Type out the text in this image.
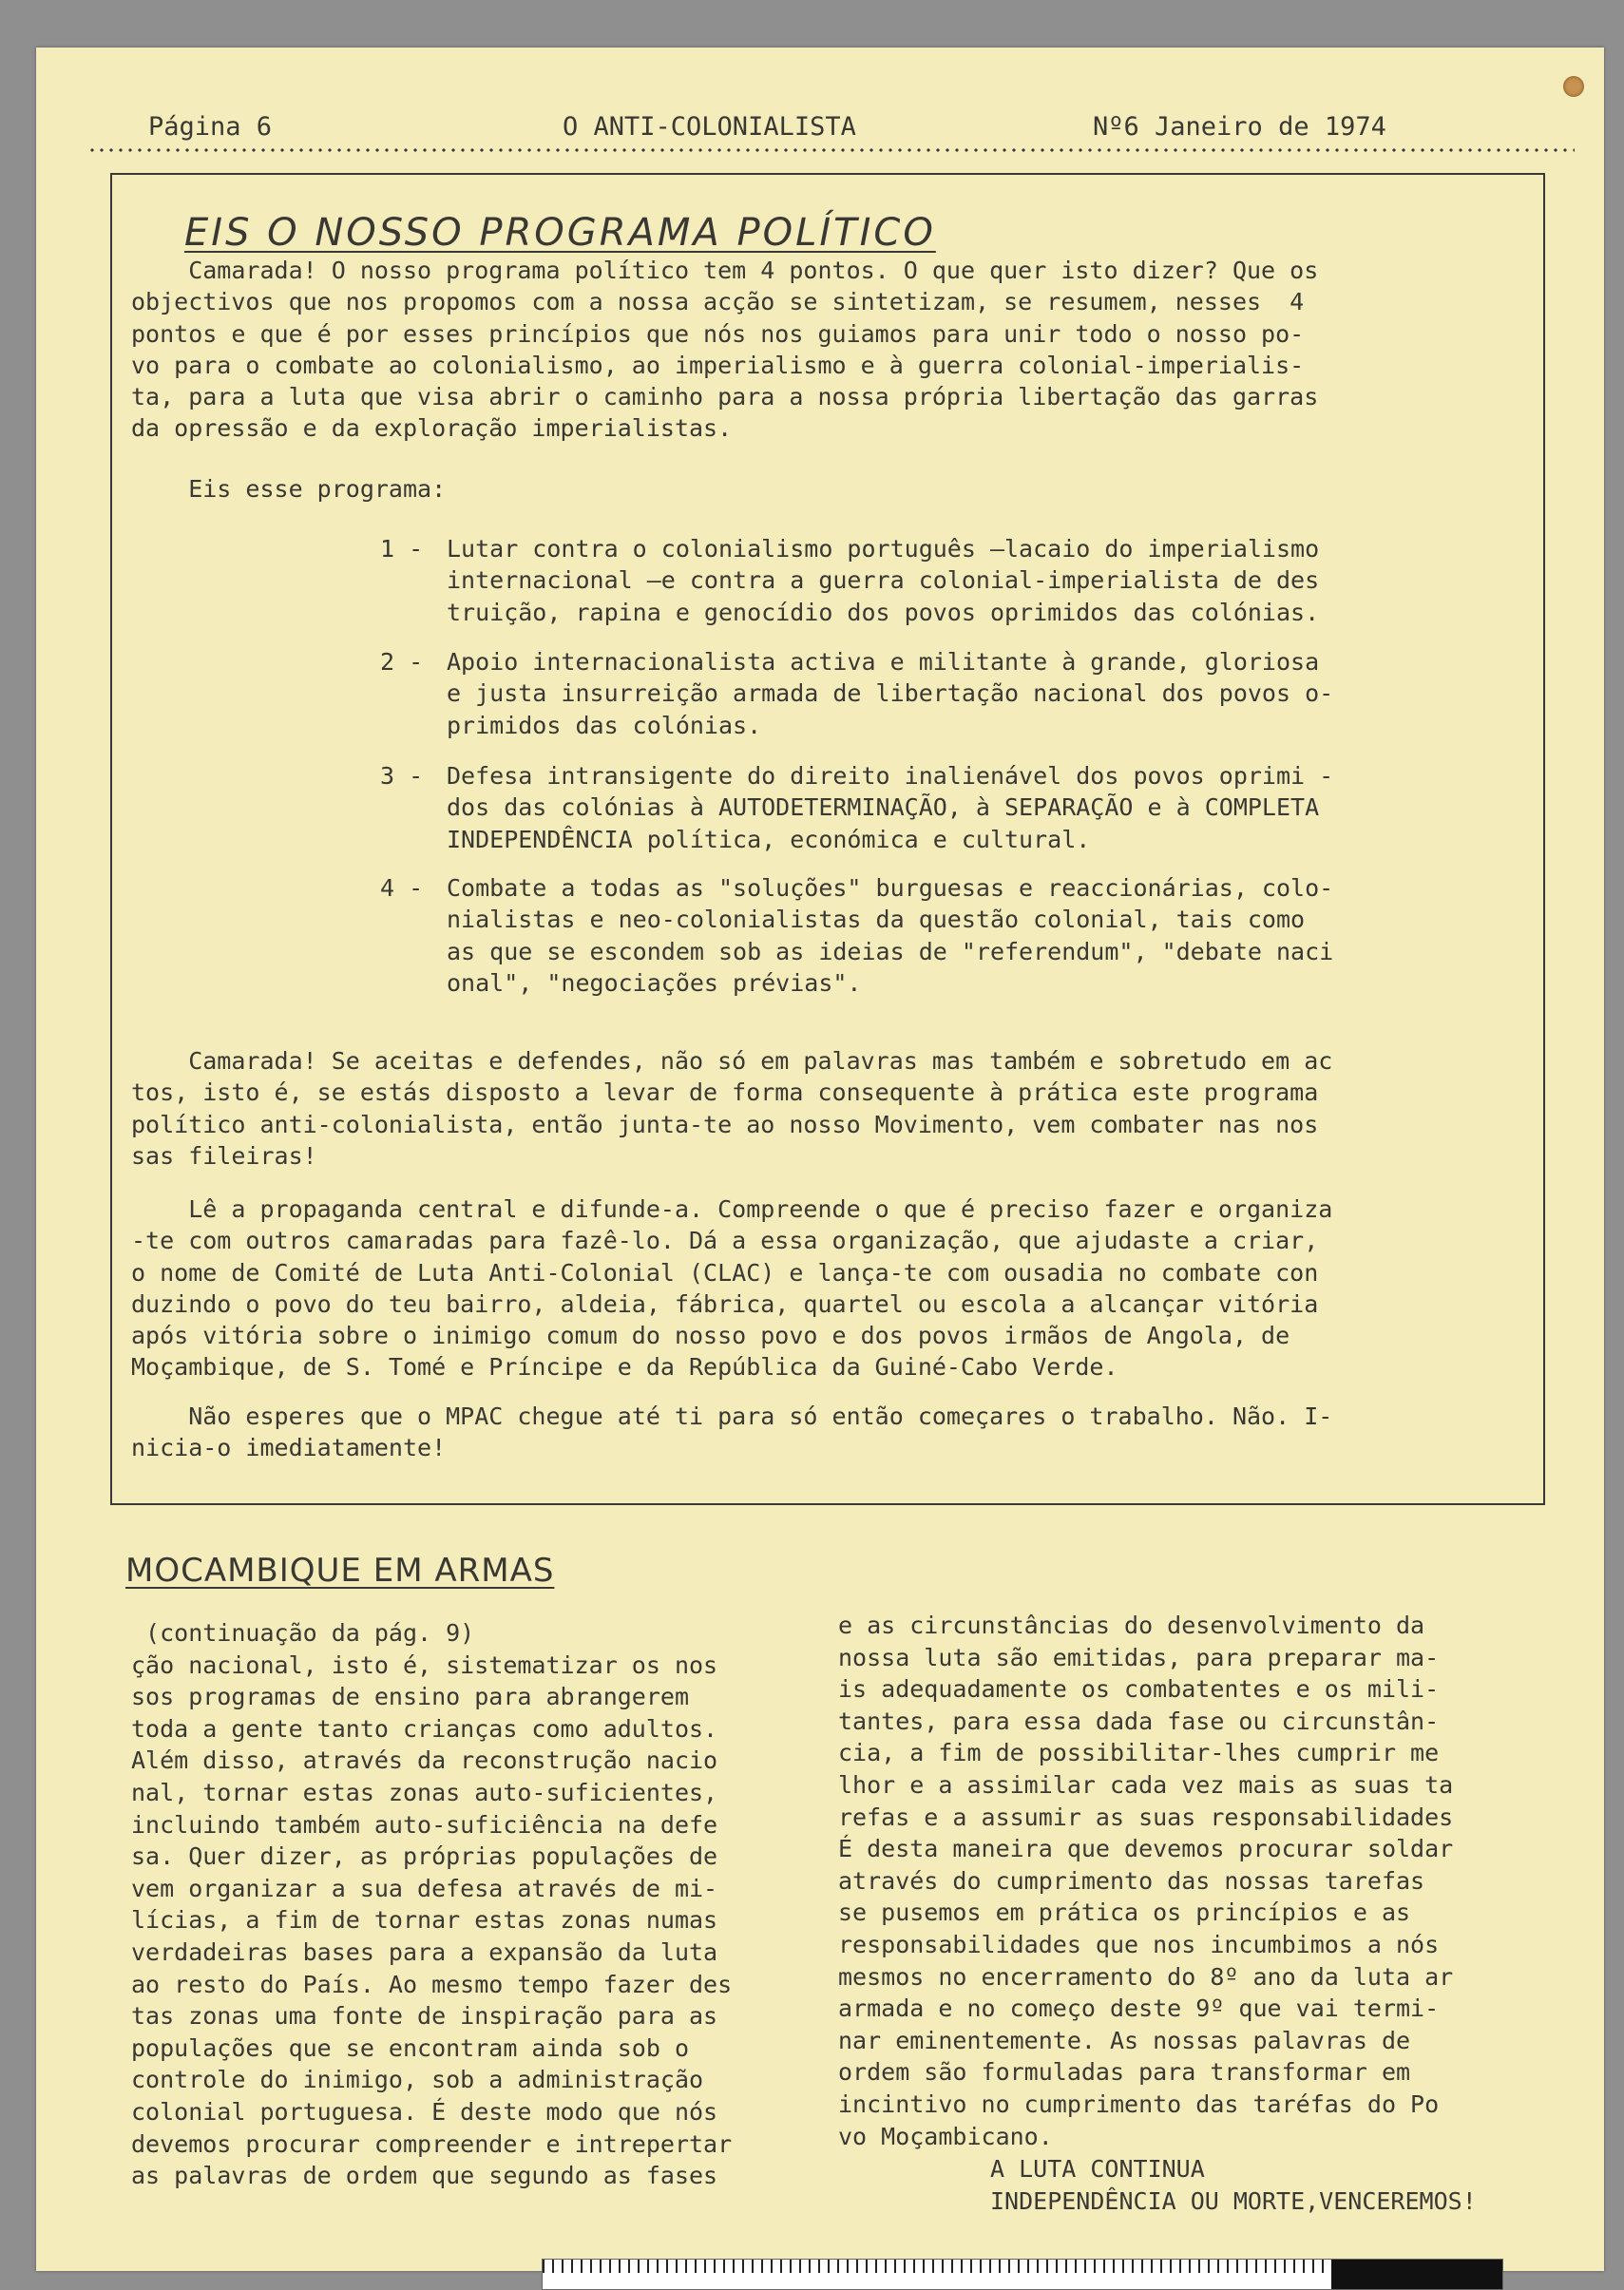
Página 6	O ANTI-COLONIALISTA	Nº6 Janeiro de 1974
EIS O NOSSO PROGRAMA POLÍTICO

Camarada! O nosso programa político tem 4 pontos. O que quer isto dizer? Que os
objectivos que nos propomos com a nossa acção se sintetizam, se resumem, nesses  4
pontos e que é por esses princípios que nós nos guiamos para unir todo o nosso po-
vo para o combate ao colonialismo, ao imperialismo e à guerra colonial-imperialis-
ta, para a luta que visa abrir o caminho para a nossa própria libertação das garras
da opressão e da exploração imperialistas.

Eis esse programa:

1 - Lutar contra o colonialismo português —lacaio do imperialismo
internacional —e contra a guerra colonial-imperialista de des
truição, rapina e genocídio dos povos oprimidos das colónias.

2 - Apoio internacionalista activa e militante à grande, gloriosa
e justa insurreição armada de libertação nacional dos povos o-
primidos das colónias.

3 - Defesa intransigente do direito inalienável dos povos oprimi -
dos das colónias à AUTODETERMINAÇÃO, à SEPARAÇÃO e à COMPLETA
INDEPENDÊNCIA política, económica e cultural.

4 - Combate a todas as "soluções" burguesas e reaccionárias, colo-
nialistas e neo-colonialistas da questão colonial, tais como
as que se escondem sob as ideias de "referendum", "debate naci
onal", "negociações prévias".

Camarada! Se aceitas e defendes, não só em palavras mas também e sobretudo em ac
tos, isto é, se estás disposto a levar de forma consequente à prática este programa
político anti-colonialista, então junta-te ao nosso Movimento, vem combater nas nos
sas fileiras!

Lê a propaganda central e difunde-a. Compreende o que é preciso fazer e organiza
-te com outros camaradas para fazê-lo. Dá a essa organização, que ajudaste a criar,
o nome de Comité de Luta Anti-Colonial (CLAC) e lança-te com ousadia no combate con
duzindo o povo do teu bairro, aldeia, fábrica, quartel ou escola a alcançar vitória
após vitória sobre o inimigo comum do nosso povo e dos povos irmãos de Angola, de
Moçambique, de S. Tomé e Príncipe e da República da Guiné-Cabo Verde.

Não esperes que o MPAC chegue até ti para só então começares o trabalho. Não. I-
nicia-o imediatamente!

MOCAMBIQUE EM ARMAS

(continuação da pág. 9)
ção nacional, isto é, sistematizar os nos
sos programas de ensino para abrangerem
toda a gente tanto crianças como adultos.
Além disso, através da reconstrução nacio
nal, tornar estas zonas auto-suficientes,
incluindo também auto-suficiência na defe
sa. Quer dizer, as próprias populações de
vem organizar a sua defesa através de mi-
lícias, a fim de tornar estas zonas numas
verdadeiras bases para a expansão da luta
ao resto do País. Ao mesmo tempo fazer des
tas zonas uma fonte de inspiração para as
populações que se encontram ainda sob o
controle do inimigo, sob a administração
colonial portuguesa. É deste modo que nós
devemos procurar compreender e intrepertar
as palavras de ordem que segundo as fases

e as circunstâncias do desenvolvimento da
nossa luta são emitidas, para preparar ma-
is adequadamente os combatentes e os mili-
tantes, para essa dada fase ou circunstân-
cia, a fim de possibilitar-lhes cumprir me
lhor e a assimilar cada vez mais as suas ta
refas e a assumir as suas responsabilidades
É desta maneira que devemos procurar soldar
através do cumprimento das nossas tarefas
se pusemos em prática os princípios e as
responsabilidades que nos incumbimos a nós
mesmos no encerramento do 8º ano da luta ar
armada e no começo deste 9º que vai termi-
nar eminentemente. As nossas palavras de
ordem são formuladas para transformar em
incintivo no cumprimento das taréfas do Po
vo Moçambicano.

A LUTA CONTINUA

INDEPENDÊNCIA OU MORTE,VENCEREMOS!
